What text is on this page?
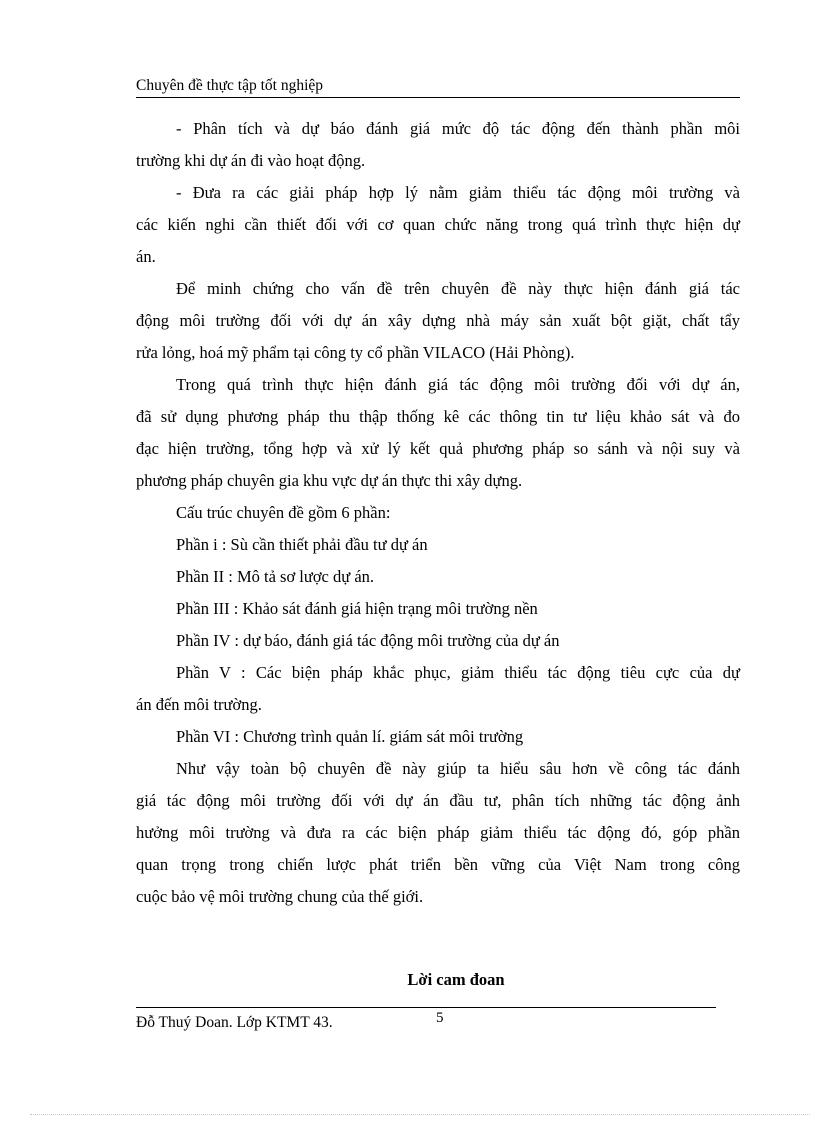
Chuyên đề thực tập tốt nghiệp
- Phân tích và dự báo đánh giá mức độ tác động đến thành phần môi
trường khi dự án đi vào hoạt động.
- Đưa ra các giải pháp hợp lý nằm giảm thiểu tác động môi trường và
các kiến nghi cần thiết đối với cơ quan chức năng trong quá trình thực hiện dự
án.
Để minh chứng cho vấn đề trên chuyên đề này thực hiện đánh giá tác
động môi trường đối với dự án xây dựng nhà máy sản xuất bột giặt, chất tẩy
rửa lỏng, hoá mỹ phẩm tại công ty cổ phần VILACO (Hải Phòng).
Trong quá trình thực hiện đánh giá tác động môi trường đối với dự án,
đã sử dụng phương pháp thu thập thống kê các thông tin tư liệu khảo sát và đo
đạc hiện trường, tổng hợp và xử lý kết quả phương pháp so sánh và nội suy và
phương pháp chuyên gia khu vực dự án thực thi xây dựng.
Cấu trúc chuyên đề gồm 6 phần:
Phần i : Sù cần thiết phải đầu tư dự án
Phần II : Mô tả sơ lược dự án.
Phần III : Khảo sát đánh giá hiện trạng môi trường nền
Phần IV : dự báo, đánh giá tác động môi trường của dự án
Phần V : Các biện pháp khắc phục, giảm thiểu tác động tiêu cực của dự
án đến môi trường.
Phần VI : Chương trình quản lí. giám sát môi trường
Như vậy toàn bộ chuyên đề này giúp ta hiểu sâu hơn về công tác đánh
giá tác động môi trường đối với dự án đầu tư, phân tích những tác động ảnh
hưởng môi trường và đưa ra các biện pháp giảm thiểu tác động đó, góp phần
quan trọng trong chiến lược phát triển bền vững của Việt Nam trong công
cuộc bảo vệ môi trường chung của thế giới.
Lời cam đoan
Đỗ Thuý Doan. Lớp KTMT 43.	5
